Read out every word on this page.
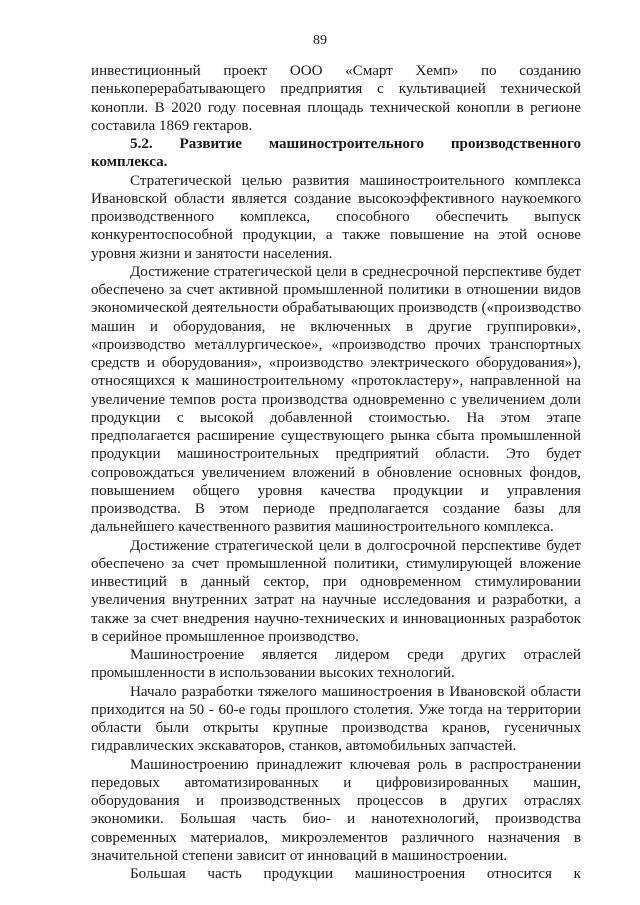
89

инвестиционный проект ООО «Смарт Хемп» по созданию пенькоперерабатывающего предприятия с культивацией технической конопли. В 2020 году посевная площадь технической конопли в регионе составила 1869 гектаров.

5.2. Развитие машиностроительного производственного комплекса.

Стратегической целью развития машиностроительного комплекса Ивановской области является создание высокоэффективного наукоемкого производственного комплекса, способного обеспечить выпуск конкурентоспособной продукции, а также повышение на этой основе уровня жизни и занятости населения.

Достижение стратегической цели в среднесрочной перспективе будет обеспечено за счет активной промышленной политики в отношении видов экономической деятельности обрабатывающих производств («производство машин и оборудования, не включенных в другие группировки», «производство металлургическое», «производство прочих транспортных средств и оборудования», «производство электрического оборудования»), относящихся к машиностроительному «протокластеру», направленной на увеличение темпов роста производства одновременно с увеличением доли продукции с высокой добавленной стоимостью. На этом этапе предполагается расширение существующего рынка сбыта промышленной продукции машиностроительных предприятий области. Это будет сопровождаться увеличением вложений в обновление основных фондов, повышением общего уровня качества продукции и управления производства. В этом периоде предполагается создание базы для дальнейшего качественного развития машиностроительного комплекса.

Достижение стратегической цели в долгосрочной перспективе будет обеспечено за счет промышленной политики, стимулирующей вложение инвестиций в данный сектор, при одновременном стимулировании увеличения внутренних затрат на научные исследования и разработки, а также за счет внедрения научно-технических и инновационных разработок в серийное промышленное производство.

Машиностроение является лидером среди других отраслей промышленности в использовании высоких технологий.

Начало разработки тяжелого машиностроения в Ивановской области приходится на 50 - 60-е годы прошлого столетия. Уже тогда на территории области были открыты крупные производства кранов, гусеничных гидравлических экскаваторов, станков, автомобильных запчастей.

Машиностроению принадлежит ключевая роль в распространении передовых автоматизированных и цифровизированных машин, оборудования и производственных процессов в других отраслях экономики. Большая часть био- и нанотехнологий, производства современных материалов, микроэлементов различного назначения в значительной степени зависит от инноваций в машиностроении.

Большая часть продукции машиностроения относится к
